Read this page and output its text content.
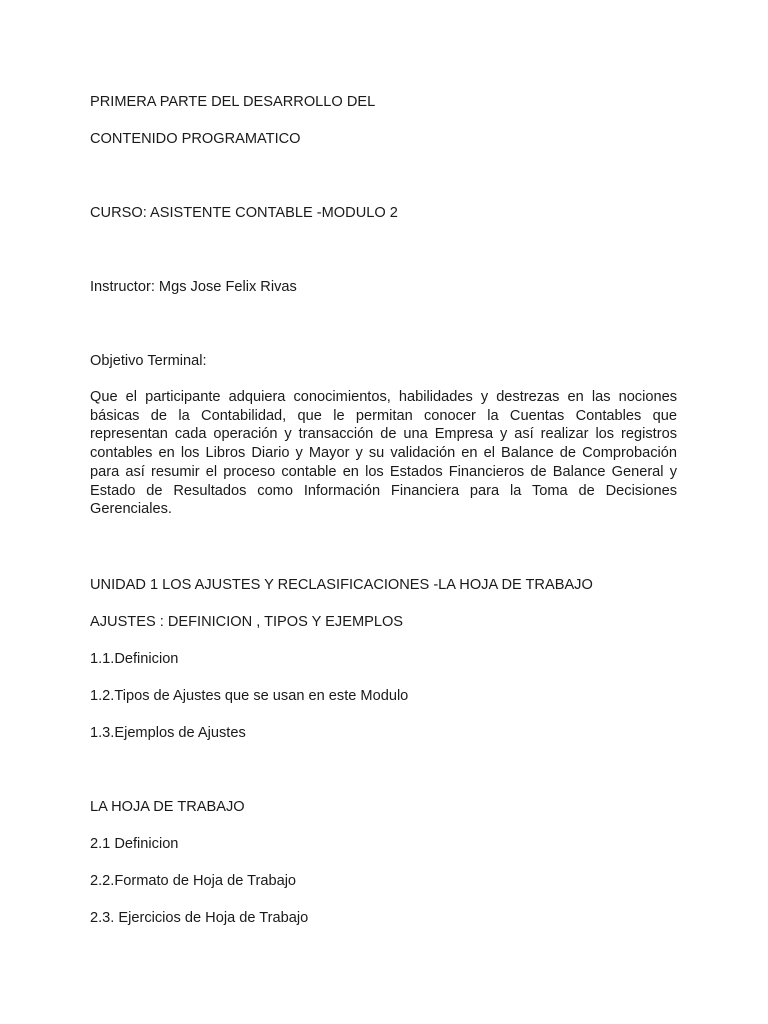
PRIMERA PARTE DEL DESARROLLO DEL

CONTENIDO PROGRAMATICO

CURSO: ASISTENTE CONTABLE -MODULO 2

Instructor: Mgs Jose Felix Rivas

Objetivo Terminal:

Que el participante adquiera conocimientos, habilidades y destrezas en las nociones básicas de la Contabilidad, que le permitan conocer la Cuentas Contables que representan cada operación y transacción de una Empresa y así realizar los registros contables en los Libros Diario y Mayor y su validación en el Balance de Comprobación para así resumir el proceso contable en los Estados Financieros de Balance General y Estado de Resultados como Información Financiera para la Toma de Decisiones Gerenciales.

UNIDAD 1 LOS AJUSTES Y RECLASIFICACIONES -LA HOJA DE TRABAJO

AJUSTES : DEFINICION , TIPOS Y EJEMPLOS

1.1.Definicion

1.2.Tipos de Ajustes que se usan en este Modulo

1.3.Ejemplos de Ajustes

LA HOJA DE TRABAJO

2.1 Definicion

2.2.Formato de Hoja de Trabajo

2.3. Ejercicios de Hoja de Trabajo
